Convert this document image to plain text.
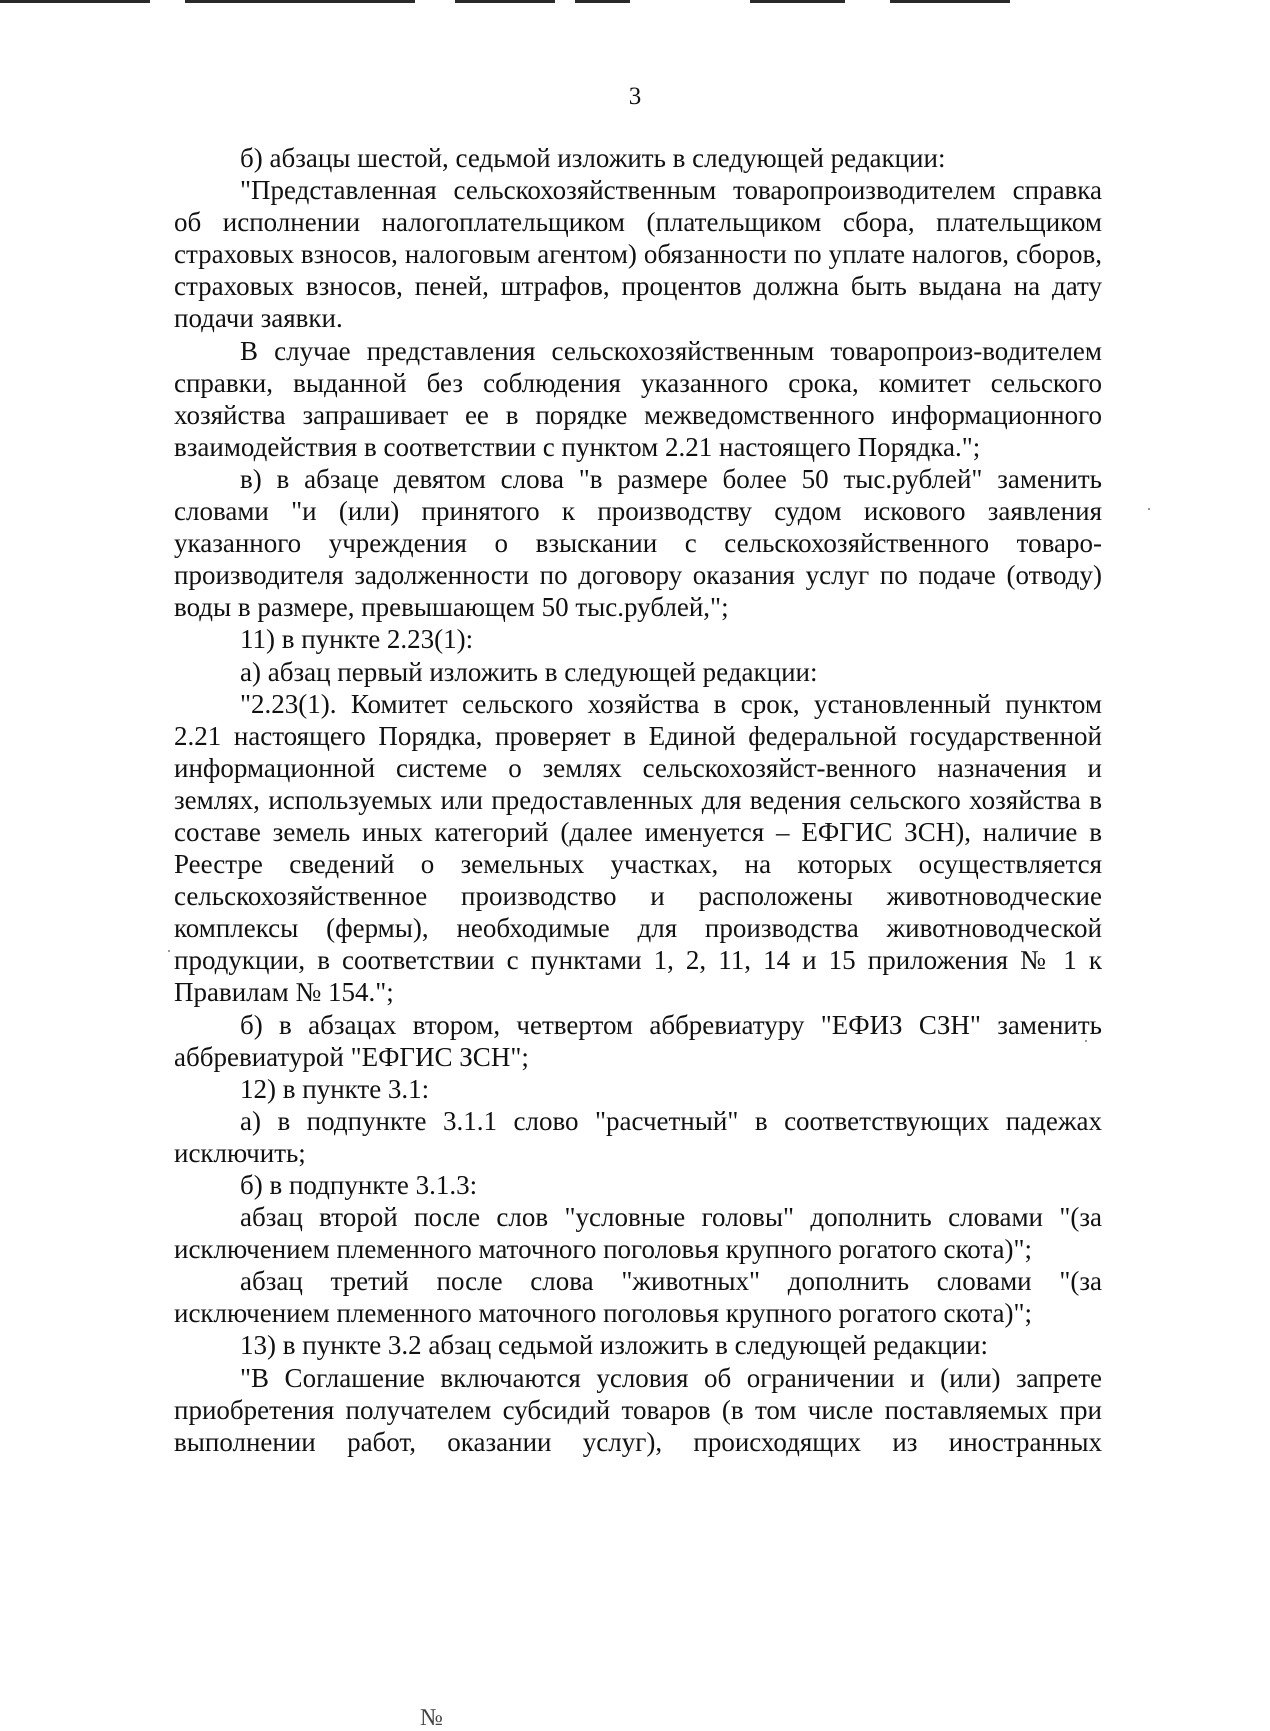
3

б) абзацы шестой, седьмой изложить в следующей редакции:

"Представленная сельскохозяйственным товаропроизводителем справка об исполнении налогоплательщиком (плательщиком сбора, плательщиком страховых взносов, налоговым агентом) обязанности по уплате налогов, сборов, страховых взносов, пеней, штрафов, процентов должна быть выдана на дату подачи заявки.

В случае представления сельскохозяйственным товаропроиз-водителем справки, выданной без соблюдения указанного срока, комитет сельского хозяйства запрашивает ее в порядке межведомственного информационного взаимодействия в соответствии с пунктом 2.21 настоящего Порядка.";

в) в абзаце девятом слова "в размере более 50 тыс.рублей" заменить словами "и (или) принятого к производству судом искового заявления указанного учреждения о взыскании с сельскохозяйственного товаро-производителя задолженности по договору оказания услуг по подаче (отводу) воды в размере, превышающем 50 тыс.рублей,";

11) в пункте 2.23(1):

а) абзац первый изложить в следующей редакции:

"2.23(1). Комитет сельского хозяйства в срок, установленный пунктом 2.21 настоящего Порядка, проверяет в Единой федеральной государственной информационной системе о землях сельскохозяйст-венного назначения и землях, используемых или предоставленных для ведения сельского хозяйства в составе земель иных категорий (далее именуется – ЕФГИС ЗСН), наличие в Реестре сведений о земельных участках, на которых осуществляется сельскохозяйственное производство и расположены животноводческие комплексы (фермы), необходимые для производства животноводческой продукции, в соответствии с пунктами 1, 2, 11, 14 и 15 приложения № 1 к Правилам № 154.";

б) в абзацах втором, четвертом аббревиатуру "ЕФИЗ СЗН" заменить аббревиатурой "ЕФГИС ЗСН";

12) в пункте 3.1:

а) в подпункте 3.1.1 слово "расчетный" в соответствующих падежах исключить;

б) в подпункте 3.1.3:

абзац второй после слов "условные головы" дополнить словами "(за исключением племенного маточного поголовья крупного рогатого скота)";

абзац третий после слова "животных" дополнить словами "(за исключением племенного маточного поголовья крупного рогатого скота)";

13) в пункте 3.2 абзац седьмой изложить в следующей редакции:

"В Соглашение включаются условия об ограничении и (или) запрете приобретения получателем субсидий товаров (в том числе поставляемых при выполнении работ, оказании услуг), происходящих из иностранных

№
